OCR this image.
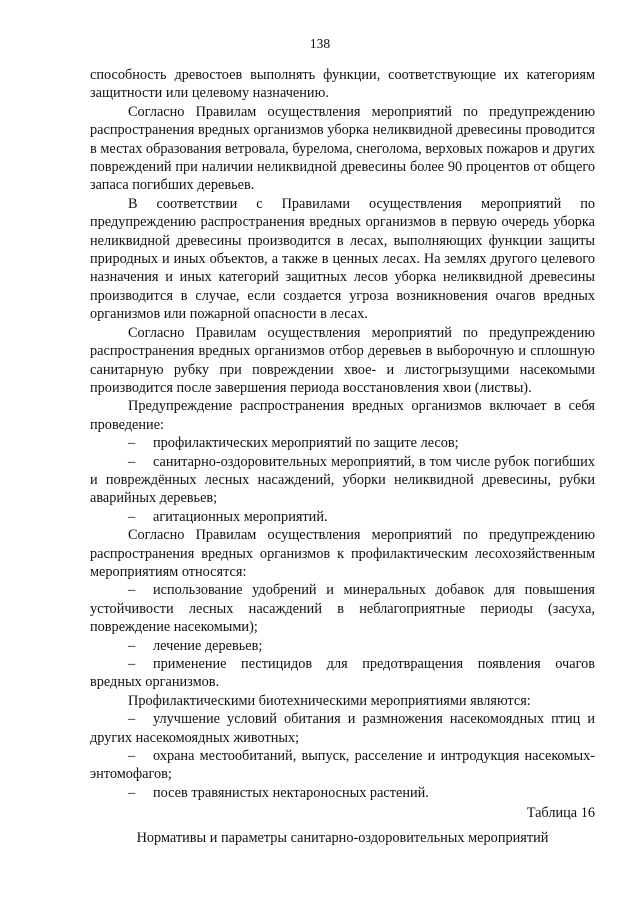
138

способность древостоев выполнять функции, соответствующие их категориям защитности или целевому назначению.

Согласно Правилам осуществления мероприятий по предупреждению распространения вредных организмов уборка неликвидной древесины проводится в местах образования ветровала, бурелома, снеголома, верховых пожаров и других повреждений при наличии неликвидной древесины более 90 процентов от общего запаса погибших деревьев.

В соответствии с Правилами осуществления мероприятий по предупреждению распространения вредных организмов в первую очередь уборка неликвидной древесины производится в лесах, выполняющих функции защиты природных и иных объектов, а также в ценных лесах. На землях другого целевого назначения и иных категорий защитных лесов уборка неликвидной древесины производится в случае, если создается угроза возникновения очагов вредных организмов или пожарной опасности в лесах.

Согласно Правилам осуществления мероприятий по предупреждению распространения вредных организмов отбор деревьев в выборочную и сплошную санитарную рубку при повреждении хвое- и листогрызущими насекомыми производится после завершения периода восстановления хвои (листвы).

Предупреждение распространения вредных организмов включает в себя проведение:

– профилактических мероприятий по защите лесов;

– санитарно-оздоровительных мероприятий, в том числе рубок погибших и повреждённых лесных насаждений, уборки неликвидной древесины, рубки аварийных деревьев;

– агитационных мероприятий.

Согласно Правилам осуществления мероприятий по предупреждению распространения вредных организмов к профилактическим лесохозяйственным мероприятиям относятся:

– использование удобрений и минеральных добавок для повышения устойчивости лесных насаждений в неблагоприятные периоды (засуха, повреждение насекомыми);

– лечение деревьев;

– применение пестицидов для предотвращения появления очагов вредных организмов.

Профилактическими биотехническими мероприятиями являются:

– улучшение условий обитания и размножения насекомоядных птиц и других насекомоядных животных;

– охрана местообитаний, выпуск, расселение и интродукция насекомых-энтомофагов;

– посев травянистых нектароносных растений.

Таблица 16

Нормативы и параметры санитарно-оздоровительных мероприятий
